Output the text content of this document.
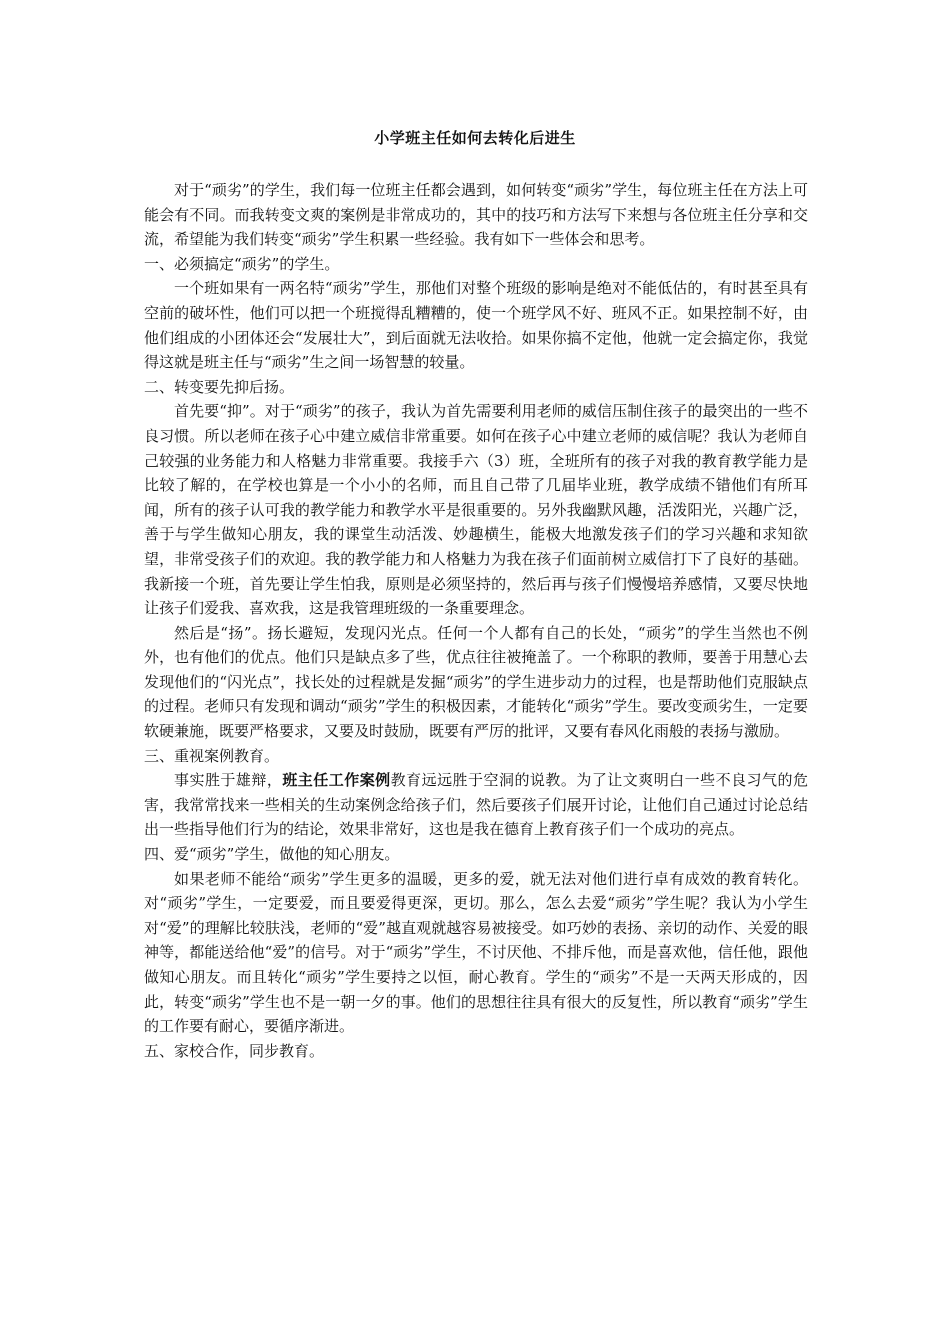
小学班主任如何去转化后进生

对于“顽劣”的学生，我们每一位班主任都会遇到，如何转变“顽劣”学生，每位班主任在方法上可能会有不同。而我转变文爽的案例是非常成功的，其中的技巧和方法写下来想与各位班主任分享和交流，希望能为我们转变“顽劣”学生积累一些经验。我有如下一些体会和思考。

一、必须搞定“顽劣”的学生。

一个班如果有一两名特“顽劣”学生，那他们对整个班级的影响是绝对不能低估的，有时甚至具有空前的破坏性，他们可以把一个班搅得乱糟糟的，使一个班学风不好、班风不正。如果控制不好，由他们组成的小团体还会“发展壮大”，到后面就无法收拾。如果你搞不定他，他就一定会搞定你，我觉得这就是班主任与“顽劣”生之间一场智慧的较量。

二、转变要先抑后扬。

首先要“抑”。对于“顽劣”的孩子，我认为首先需要利用老师的威信压制住孩子的最突出的一些不良习惯。所以老师在孩子心中建立威信非常重要。如何在孩子心中建立老师的威信呢？我认为老师自己较强的业务能力和人格魅力非常重要。我接手六（3）班，全班所有的孩子对我的教育教学能力是比较了解的，在学校也算是一个小小的名师，而且自己带了几届毕业班，教学成绩不错他们有所耳闻，所有的孩子认可我的教学能力和教学水平是很重要的。另外我幽默风趣，活泼阳光，兴趣广泛，善于与学生做知心朋友，我的课堂生动活泼、妙趣横生，能极大地激发孩子们的学习兴趣和求知欲望，非常受孩子们的欢迎。我的教学能力和人格魅力为我在孩子们面前树立威信打下了良好的基础。我新接一个班，首先要让学生怕我，原则是必须坚持的，然后再与孩子们慢慢培养感情，又要尽快地让孩子们爱我、喜欢我，这是我管理班级的一条重要理念。

然后是“扬”。扬长避短，发现闪光点。任何一个人都有自己的长处，“顽劣”的学生当然也不例外，也有他们的优点。他们只是缺点多了些，优点往往被掩盖了。一个称职的教师，要善于用慧心去发现他们的“闪光点”，找长处的过程就是发掘“顽劣”的学生进步动力的过程，也是帮助他们克服缺点的过程。老师只有发现和调动“顽劣”学生的积极因素，才能转化“顽劣”学生。要改变顽劣生，一定要软硬兼施，既要严格要求，又要及时鼓励，既要有严厉的批评，又要有春风化雨般的表扬与激励。

三、重视案例教育。

事实胜于雄辩，班主任工作案例教育远远胜于空洞的说教。为了让文爽明白一些不良习气的危害，我常常找来一些相关的生动案例念给孩子们，然后要孩子们展开讨论，让他们自己通过讨论总结出一些指导他们行为的结论，效果非常好，这也是我在德育上教育孩子们一个成功的亮点。

四、爱“顽劣”学生，做他的知心朋友。

如果老师不能给“顽劣”学生更多的温暖，更多的爱，就无法对他们进行卓有成效的教育转化。对“顽劣”学生，一定要爱，而且要爱得更深，更切。那么，怎么去爱“顽劣”学生呢？我认为小学生对“爱”的理解比较肤浅，老师的“爱”越直观就越容易被接受。如巧妙的表扬、亲切的动作、关爱的眼神等，都能送给他“爱”的信号。对于“顽劣”学生，不讨厌他、不排斥他，而是喜欢他，信任他，跟他做知心朋友。而且转化“顽劣”学生要持之以恒，耐心教育。学生的“顽劣”不是一天两天形成的，因此，转变“顽劣”学生也不是一朝一夕的事。他们的思想往往具有很大的反复性，所以教育“顽劣”学生的工作要有耐心，要循序渐进。

五、家校合作，同步教育。
